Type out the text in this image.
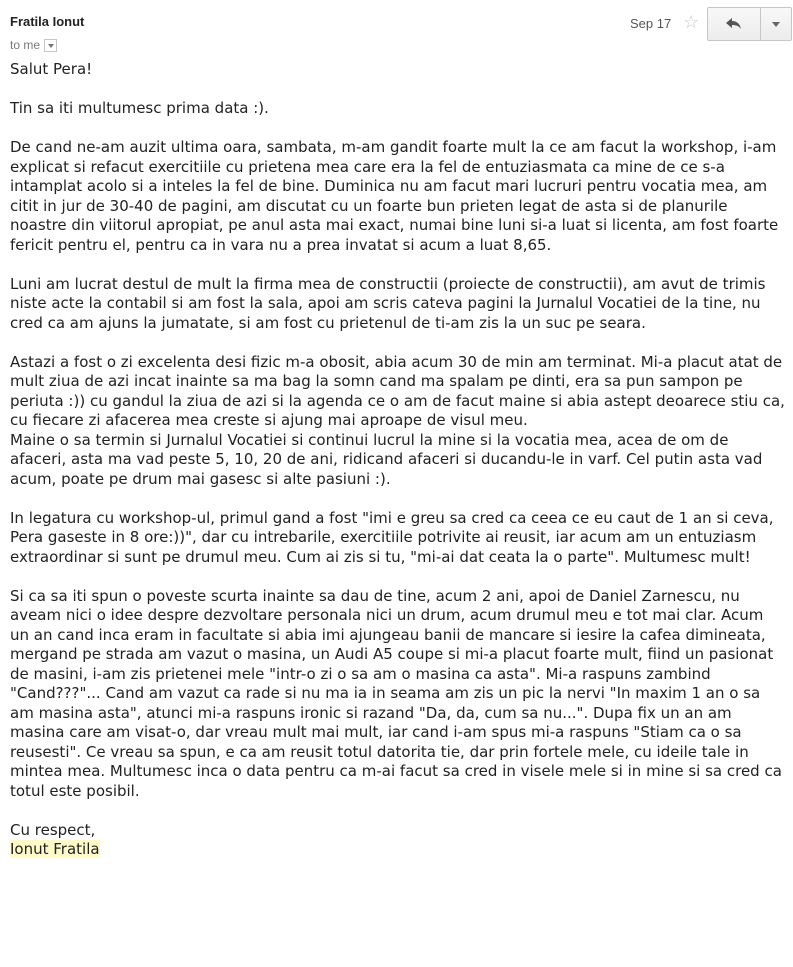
Fratila Ionut
to me
Sep 17 ☆

Salut Pera!

Tin sa iti multumesc prima data :).

De cand ne-am auzit ultima oara, sambata, m-am gandit foarte mult la ce am facut la workshop, i-am explicat si refacut exercitiile cu prietena mea care era la fel de entuziasmata ca mine de ce s-a intamplat acolo si a inteles la fel de bine. Duminica nu am facut mari lucruri pentru vocatia mea, am citit in jur de 30-40 de pagini, am discutat cu un foarte bun prieten legat de asta si de planurile noastre din viitorul apropiat, pe anul asta mai exact, numai bine luni si-a luat si licenta, am fost foarte fericit pentru el, pentru ca in vara nu a prea invatat si acum a luat 8,65.

Luni am lucrat destul de mult la firma mea de constructii (proiecte de constructii), am avut de trimis niste acte la contabil si am fost la sala, apoi am scris cateva pagini la Jurnalul Vocatiei de la tine, nu cred ca am ajuns la jumatate, si am fost cu prietenul de ti-am zis la un suc pe seara.

Astazi a fost o zi excelenta desi fizic m-a obosit, abia acum 30 de min am terminat. Mi-a placut atat de mult ziua de azi incat inainte sa ma bag la somn cand ma spalam pe dinti, era sa pun sampon pe periuta :)) cu gandul la ziua de azi si la agenda ce o am de facut maine si abia astept deoarece stiu ca, cu fiecare zi afacerea mea creste si ajung mai aproape de visul meu.

Maine o sa termin si Jurnalul Vocatiei si continui lucrul la mine si la vocatia mea, acea de om de afaceri, asta ma vad peste 5, 10, 20 de ani, ridicand afaceri si ducandu-le in varf. Cel putin asta vad acum, poate pe drum mai gasesc si alte pasiuni :).

In legatura cu workshop-ul, primul gand a fost "imi e greu sa cred ca ceea ce eu caut de 1 an si ceva, Pera gaseste in 8 ore:))", dar cu intrebarile, exercitiile potrivite ai reusit, iar acum am un entuziasm extraordinar si sunt pe drumul meu. Cum ai zis si tu, "mi-ai dat ceata la o parte". Multumesc mult!

Si ca sa iti spun o poveste scurta inainte sa dau de tine, acum 2 ani, apoi de Daniel Zarnescu, nu aveam nici o idee despre dezvoltare personala nici un drum, acum drumul meu e tot mai clar. Acum un an cand inca eram in facultate si abia imi ajungeau banii de mancare si iesire la cafea dimineata, mergand pe strada am vazut o masina, un Audi A5 coupe si mi-a placut foarte mult, fiind un pasionat de masini, i-am zis prietenei mele "intr-o zi o sa am o masina ca asta". Mi-a raspuns zambind "Cand???"... Cand am vazut ca rade si nu ma ia in seama am zis un pic la nervi "In maxim 1 an o sa am masina asta", atunci mi-a raspuns ironic si razand "Da, da, cum sa nu...". Dupa fix un an am masina care am visat-o, dar vreau mult mai mult, iar cand i-am spus mi-a raspuns "Stiam ca o sa reusesti". Ce vreau sa spun, e ca am reusit totul datorita tie, dar prin fortele mele, cu ideile tale in mintea mea. Multumesc inca o data pentru ca m-ai facut sa cred in visele mele si in mine si sa cred ca totul este posibil.

Cu respect,

Ionut Fratila
